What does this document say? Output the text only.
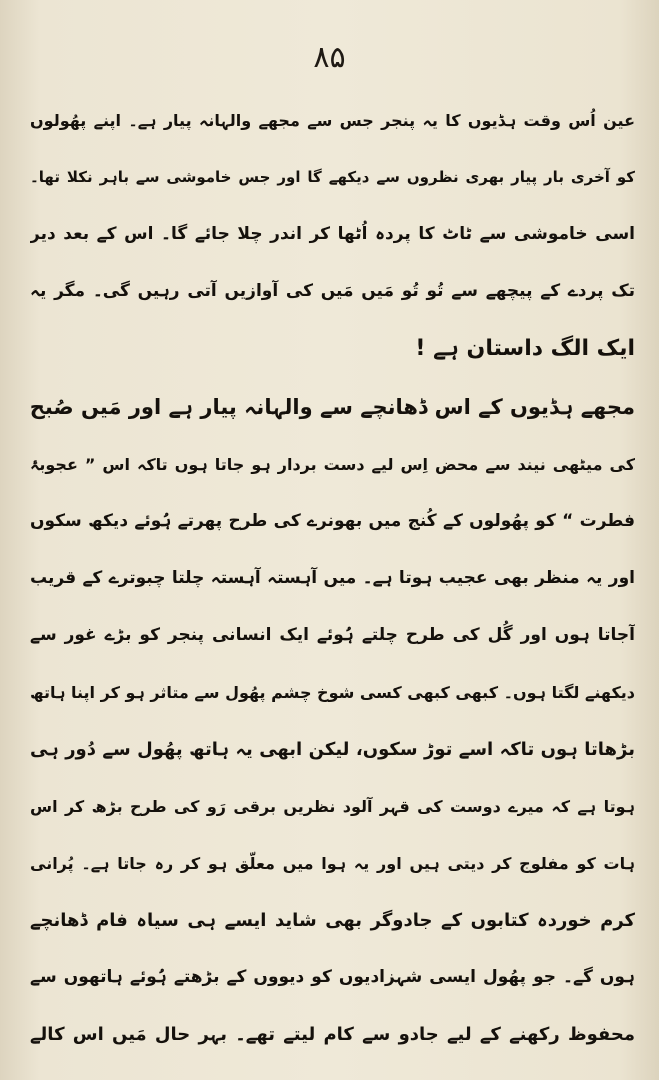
۸۵
عین اُس وقت ہڈیوں کا یہ پنجر جس سے مجھے والہانہ پیار ہے۔ اپنے پھُولوں
کو آخری بار پیار بھری نظروں سے دیکھے گا اور جس خاموشی سے باہر نکلا تھا۔
اسی خاموشی سے ٹاٹ کا پردہ اُٹھا کر اندر چلا جائے گا۔ اس کے بعد دیر
تک پردے کے پیچھے سے تُو تُو مَیں مَیں کی آوازیں آتی رہیں گی۔ مگر یہ
ایک الگ داستان ہے !
مجھے ہڈیوں کے اس ڈھانچے سے والہانہ پیار ہے اور مَیں صُبح
کی میٹھی نیند سے محض اِس لیے دست بردار ہو جاتا ہوں تاکہ اس ” عجوبۂ
فطرت “ کو پھُولوں کے کُنج میں بھونرے کی طرح پھرتے ہُوئے دیکھ سکوں
اور یہ منظر بھی عجیب ہوتا ہے۔ میں آہستہ آہستہ چلتا چبوترے کے قریب
آجاتا ہوں اور گُل کی طرح چلتے ہُوئے ایک انسانی پنجر کو بڑے غور سے
دیکھنے لگتا ہوں۔ کبھی کبھی کسی شوخ چشم پھُول سے متاثر ہو کر اپنا ہاتھ
بڑھاتا ہوں تاکہ اسے توڑ سکوں، لیکن ابھی یہ ہاتھ پھُول سے دُور ہی
ہوتا ہے کہ میرے دوست کی قہر آلود نظریں برقی رَو کی طرح بڑھ کر اس
ہات کو مفلوج کر دیتی ہیں اور یہ ہوا میں معلّق ہو کر رہ جاتا ہے۔ پُرانی
کرم خوردہ کتابوں کے جادوگر بھی شاید ایسے ہی سیاہ فام ڈھانچے
ہوں گے۔ جو پھُول ایسی شہزادیوں کو دیووں کے بڑھتے ہُوئے ہاتھوں سے
محفوظ رکھنے کے لیے جادو سے کام لیتے تھے۔ بہر حال مَیں اس کالے
